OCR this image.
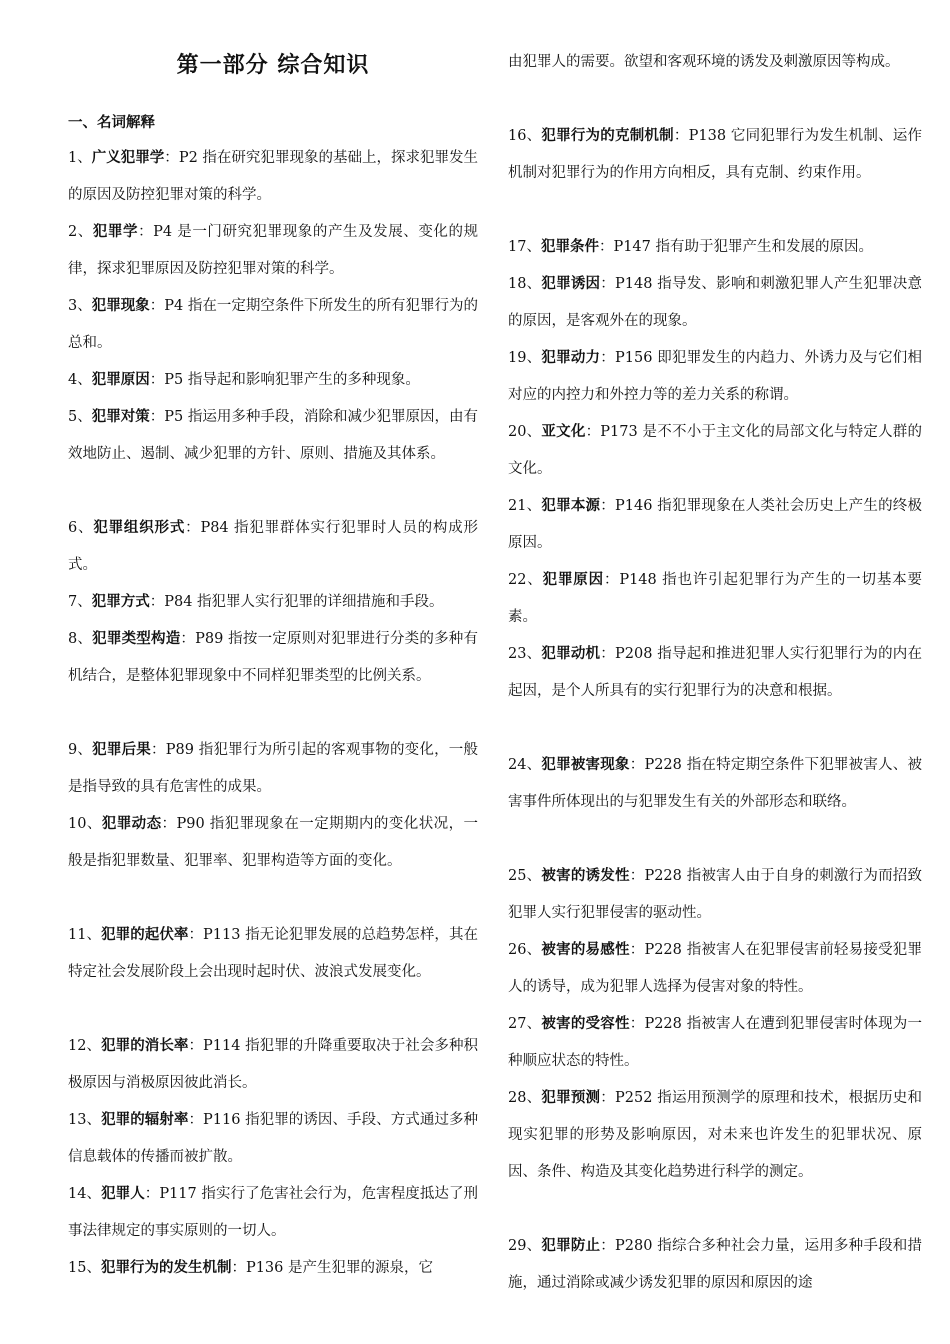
第一部分 综合知识
一、名词解释

1、广义犯罪学：P2 指在研究犯罪现象的基础上，探求犯罪发生的原因及防控犯罪对策的科学。

2、犯罪学：P4 是一门研究犯罪现象的产生及发展、变化的规律，探求犯罪原因及防控犯罪对策的科学。

3、犯罪现象：P4 指在一定期空条件下所发生的所有犯罪行为的总和。

4、犯罪原因：P5 指导起和影响犯罪产生的多种现象。

5、犯罪对策：P5 指运用多种手段，消除和减少犯罪原因，由有效地防止、遏制、减少犯罪的方针、原则、措施及其体系。

6、犯罪组织形式：P84 指犯罪群体实行犯罪时人员的构成形式。

7、犯罪方式：P84 指犯罪人实行犯罪的详细措施和手段。

8、犯罪类型构造：P89 指按一定原则对犯罪进行分类的多种有机结合，是整体犯罪现象中不同样犯罪类型的比例关系。

9、犯罪后果：P89 指犯罪行为所引起的客观事物的变化，一般是指导致的具有危害性的成果。

10、犯罪动态：P90 指犯罪现象在一定期期内的变化状况，一般是指犯罪数量、犯罪率、犯罪构造等方面的变化。

11、犯罪的起伏率：P113 指无论犯罪发展的总趋势怎样，其在特定社会发展阶段上会出现时起时伏、波浪式发展变化。

12、犯罪的消长率：P114 指犯罪的升降重要取决于社会多种积极原因与消极原因彼此消长。

13、犯罪的辐射率：P116 指犯罪的诱因、手段、方式通过多种信息载体的传播而被扩散。

14、犯罪人：P117 指实行了危害社会行为，危害程度抵达了刑事法律规定的事实原则的一切人。

15、犯罪行为的发生机制：P136 是产生犯罪的源泉，它

由犯罪人的需要。欲望和客观环境的诱发及刺激原因等构成。

16、犯罪行为的克制机制：P138 它同犯罪行为发生机制、运作机制对犯罪行为的作用方向相反，具有克制、约束作用。

17、犯罪条件：P147 指有助于犯罪产生和发展的原因。

18、犯罪诱因：P148 指导发、影响和刺激犯罪人产生犯罪决意的原因，是客观外在的现象。

19、犯罪动力：P156 即犯罪发生的内趋力、外诱力及与它们相对应的内控力和外控力等的差力关系的称谓。

20、亚文化：P173 是不不小于主文化的局部文化与特定人群的文化。

21、犯罪本源：P146 指犯罪现象在人类社会历史上产生的终极原因。

22、犯罪原因：P148 指也许引起犯罪行为产生的一切基本要素。

23、犯罪动机：P208 指导起和推进犯罪人实行犯罪行为的内在起因，是个人所具有的实行犯罪行为的决意和根据。

24、犯罪被害现象：P228 指在特定期空条件下犯罪被害人、被害事件所体现出的与犯罪发生有关的外部形态和联络。

25、被害的诱发性：P228 指被害人由于自身的刺激行为而招致犯罪人实行犯罪侵害的驱动性。

26、被害的易感性：P228 指被害人在犯罪侵害前轻易接受犯罪人的诱导，成为犯罪人选择为侵害对象的特性。

27、被害的受容性：P228 指被害人在遭到犯罪侵害时体现为一种顺应状态的特性。

28、犯罪预测：P252 指运用预测学的原理和技术，根据历史和现实犯罪的形势及影响原因，对未来也许发生的犯罪状况、原因、条件、构造及其变化趋势进行科学的测定。

29、犯罪防止：P280 指综合多种社会力量，运用多种手段和措施，通过消除或减少诱发犯罪的原因和原因的途
